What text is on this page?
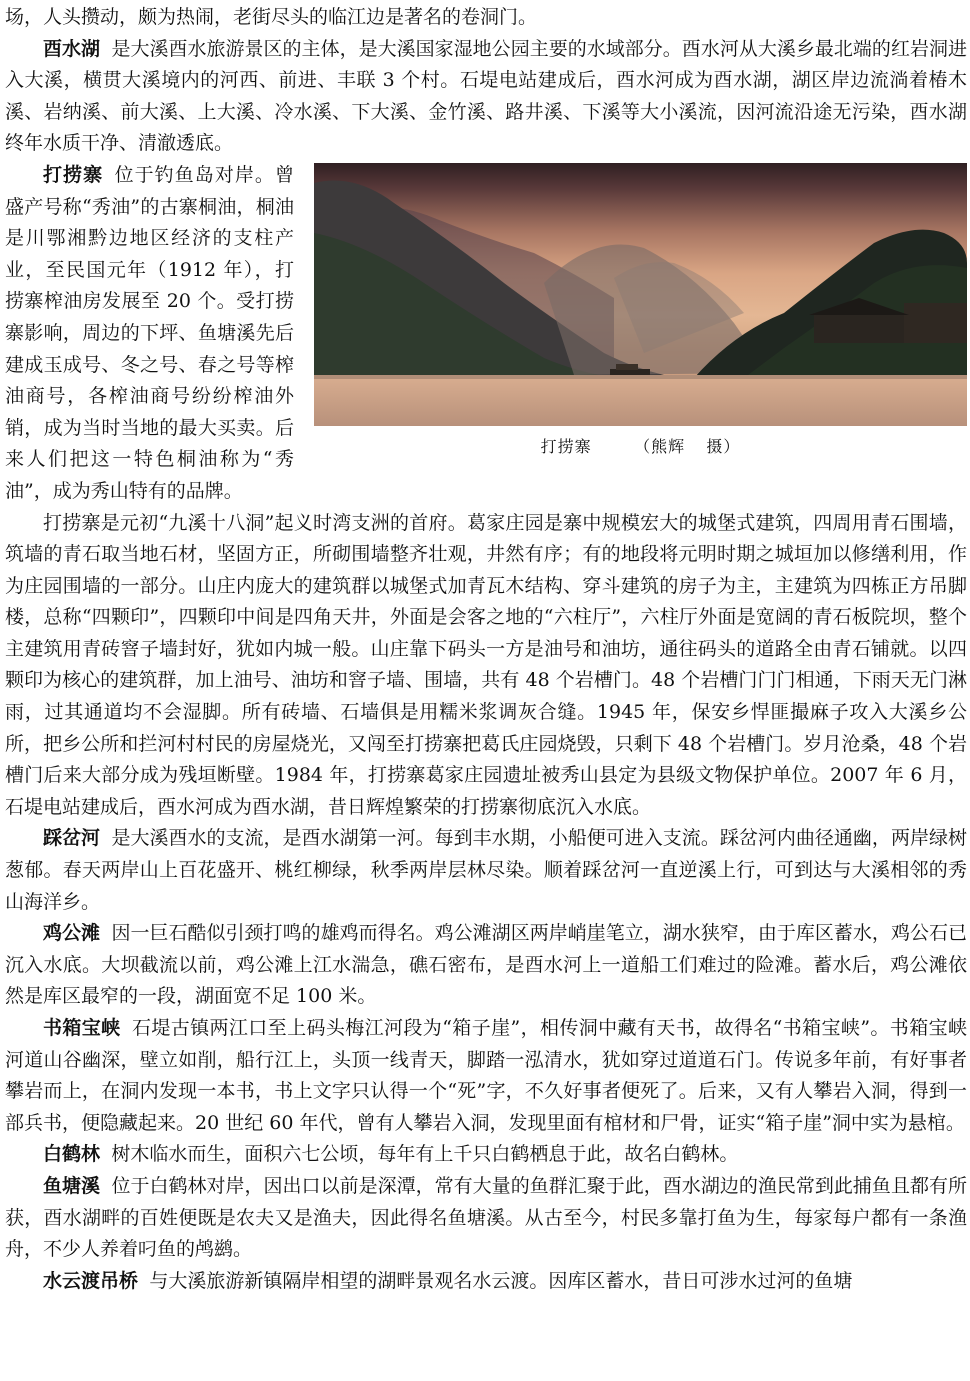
场，人头攒动，颇为热闹，老街尽头的临江边是著名的卷洞门。

酉水湖 是大溪酉水旅游景区的主体，是大溪国家湿地公园主要的水域部分。酉水河从大溪乡最北端的红岩洞进入大溪，横贯大溪境内的河西、前进、丰联 3 个村。石堤电站建成后，酉水河成为酉水湖，湖区岸边流淌着椿木溪、岩纳溪、前大溪、上大溪、冷水溪、下大溪、金竹溪、路井溪、下溪等大小溪流，因河流沿途无污染，酉水湖终年水质干净、清澈透底。

打捞寨    （熊辉  摄）

打捞寨 位于钓鱼岛对岸。曾盛产号称“秀油”的古寨桐油，桐油是川鄂湘黔边地区经济的支柱产业，至民国元年（1912 年），打捞寨榨油房发展至 20 个。受打捞寨影响，周边的下坪、鱼塘溪先后建成玉成号、冬之号、春之号等榨油商号，各榨油商号纷纷榨油外销，成为当时当地的最大买卖。后来人们把这一特色桐油称为“秀油”，成为秀山特有的品牌。

打捞寨是元初“九溪十八洞”起义时湾支洲的首府。葛家庄园是寨中规模宏大的城堡式建筑，四周用青石围墙，筑墙的青石取当地石材，坚固方正，所砌围墙整齐壮观，井然有序；有的地段将元明时期之城垣加以修缮利用，作为庄园围墙的一部分。山庄内庞大的建筑群以城堡式加青瓦木结构、穿斗建筑的房子为主，主建筑为四栋正方吊脚楼，总称“四颗印”，四颗印中间是四角天井，外面是会客之地的“六柱厅”，六柱厅外面是宽阔的青石板院坝，整个主建筑用青砖窨子墙封好，犹如内城一般。山庄靠下码头一方是油号和油坊，通往码头的道路全由青石铺就。以四颗印为核心的建筑群，加上油号、油坊和窨子墙、围墙，共有 48 个岩槽门。48 个岩槽门门门相通，下雨天无门淋雨，过其通道均不会湿脚。所有砖墙、石墙俱是用糯米浆调灰合缝。1945 年，保安乡悍匪撮麻子攻入大溪乡公所，把乡公所和拦河村村民的房屋烧光，又闯至打捞寨把葛氏庄园烧毁，只剩下 48 个岩槽门。岁月沧桑，48 个岩槽门后来大部分成为残垣断壁。1984 年，打捞寨葛家庄园遗址被秀山县定为县级文物保护单位。2007 年 6 月，石堤电站建成后，酉水河成为酉水湖，昔日辉煌繁荣的打捞寨彻底沉入水底。

踩岔河 是大溪酉水的支流，是酉水湖第一河。每到丰水期，小船便可进入支流。踩岔河内曲径通幽，两岸绿树葱郁。春天两岸山上百花盛开、桃红柳绿，秋季两岸层林尽染。顺着踩岔河一直逆溪上行，可到达与大溪相邻的秀山海洋乡。

鸡公滩 因一巨石酷似引颈打鸣的雄鸡而得名。鸡公滩湖区两岸峭崖笔立，湖水狭窄，由于库区蓄水，鸡公石已沉入水底。大坝截流以前，鸡公滩上江水湍急，礁石密布，是酉水河上一道船工们难过的险滩。蓄水后，鸡公滩依然是库区最窄的一段，湖面宽不足 100 米。

书箱宝峡 石堤古镇两江口至上码头梅江河段为“箱子崖”，相传洞中藏有天书，故得名“书箱宝峡”。书箱宝峡河道山谷幽深，壁立如削，船行江上，头顶一线青天，脚踏一泓清水，犹如穿过道道石门。传说多年前，有好事者攀岩而上，在洞内发现一本书，书上文字只认得一个“死”字，不久好事者便死了。后来，又有人攀岩入洞，得到一部兵书，便隐藏起来。20 世纪 60 年代，曾有人攀岩入洞，发现里面有棺材和尸骨，证实“箱子崖”洞中实为悬棺。

白鹤林 树木临水而生，面积六七公顷，每年有上千只白鹤栖息于此，故名白鹤林。

鱼塘溪 位于白鹤林对岸，因出口以前是深潭，常有大量的鱼群汇聚于此，酉水湖边的渔民常到此捕鱼且都有所获，酉水湖畔的百姓便既是农夫又是渔夫，因此得名鱼塘溪。从古至今，村民多靠打鱼为生，每家每户都有一条渔舟，不少人养着叼鱼的鸬鹚。

水云渡吊桥 与大溪旅游新镇隔岸相望的湖畔景观名水云渡。因库区蓄水，昔日可涉水过河的鱼塘
